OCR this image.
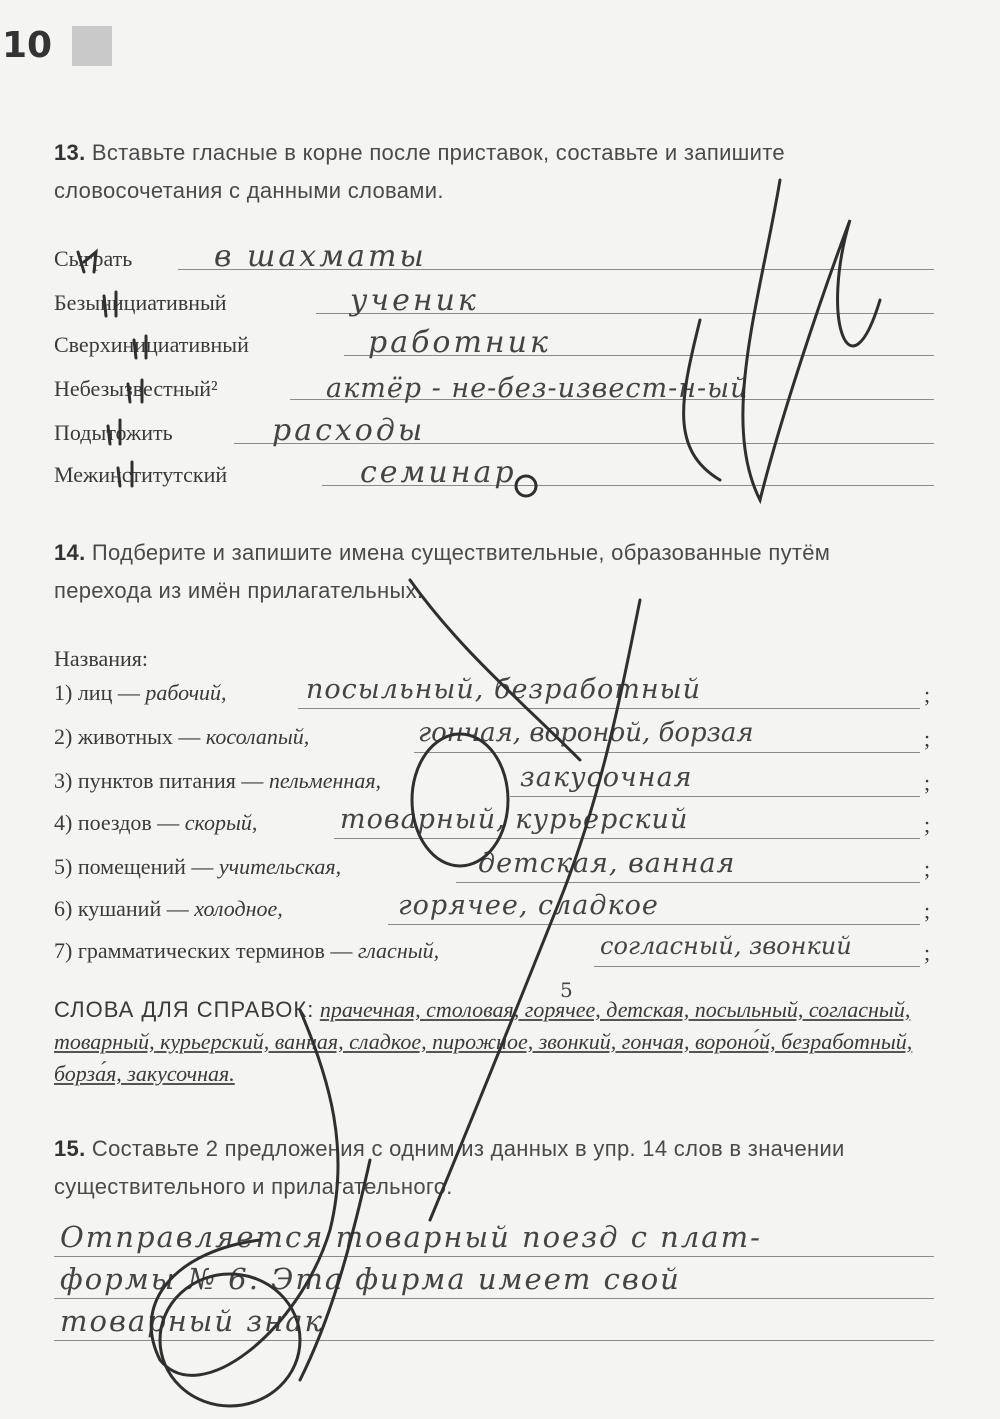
10
13. Вставьте гласные в корне после приставок, составьте и запишите словосочетания с данными словами.
Сыграть	в шахматы
Безынициативный	ученик
Сверхинициативный	работник
Небезызвестный²	актёр - не-без-извест-н-ый
Подытожить	расходы
Межинститутский	семинар
14. Подберите и запишите имена существительные, образованные путём перехода из имён прилагательных.
Названия:
1) лиц — рабочий,	посыльный, безработный	;
2) животных — косолапый,	гончая, вороной, борзая	;
3) пунктов питания — пельменная,	закусочная	;
4) поездов — скорый,	товарный, курьерский	;
5) помещений — учительская,	детская, ванная	;
6) кушаний — холодное,	горячее, сладкое	;
7) грамматических терминов — гласный,	согласный, звонкий	;
5
СЛОВА ДЛЯ СПРАВОК: прачечная, столовая, горячее, детская, посыльный, согласный, товарный, курьерский, ванная, сладкое, пирожное, звонкий, гончая, вороно́й, безработный, борза́я, закусочная.
15. Составьте 2 предложения с одним из данных в упр. 14 слов в значении существительного и прилагательного.
Отправляется товарный поезд с плат-
формы № 6. Эта фирма имеет свой
товарный знак
